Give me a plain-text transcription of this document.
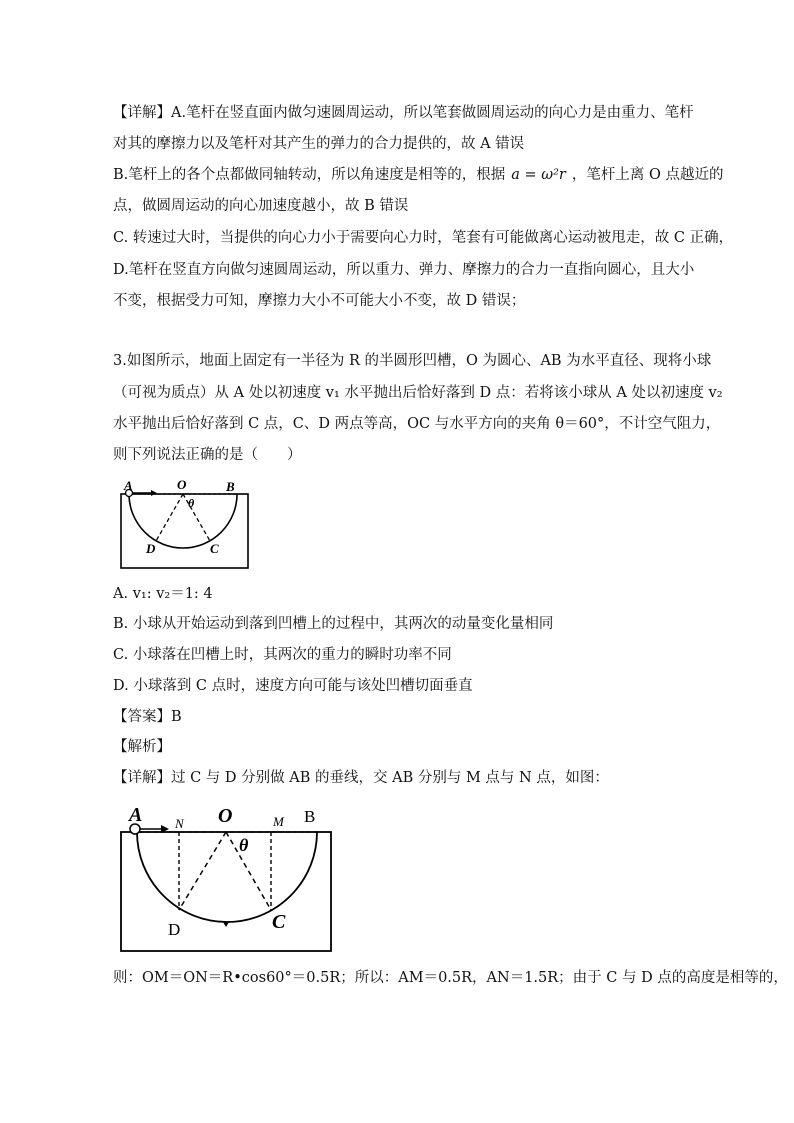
【详解】A.笔杆在竖直面内做匀速圆周运动，所以笔套做圆周运动的向心力是由重力、笔杆
对其的摩擦力以及笔杆对其产生的弹力的合力提供的，故 A 错误
B.笔杆上的各个点都做同轴转动，所以角速度是相等的，根据 a = ω²r ，笔杆上离 O 点越近的
点，做圆周运动的向心加速度越小，故 B 错误
C. 转速过大时，当提供的向心力小于需要向心力时，笔套有可能做离心运动被甩走，故 C 正确，
D.笔杆在竖直方向做匀速圆周运动，所以重力、弹力、摩擦力的合力一直指向圆心，且大小
不变，根据受力可知，摩擦力大小不可能大小不变，故 D 错误；
3.如图所示，地面上固定有一半径为 R 的半圆形凹槽，O 为圆心、AB 为水平直径、现将小球
（可视为质点）从 A 处以初速度 v₁ 水平抛出后恰好落到 D 点：若将该小球从 A 处以初速度 v₂
水平抛出后恰好落到 C 点，C、D 两点等高，OC 与水平方向的夹角 θ＝60°，不计空气阻力，
则下列说法正确的是（　　）
A	O	B
θ
D	C
A. v₁: v₂＝1: 4
B. 小球从开始运动到落到凹槽上的过程中，其两次的动量变化量相同
C. 小球落在凹槽上时，其两次的重力的瞬时功率不同
D. 小球落到 C 点时，速度方向可能与该处凹槽切面垂直
【答案】B
【解析】
【详解】过 C 与 D 分别做 AB 的垂线，交 AB 分别与 M 点与 N 点，如图：
A	N O	M B
θ
D	C
则：OM＝ON＝R•cos60°＝0.5R；所以：AM＝0.5R，AN＝1.5R；由于 C 与 D 点的高度是相等的，
